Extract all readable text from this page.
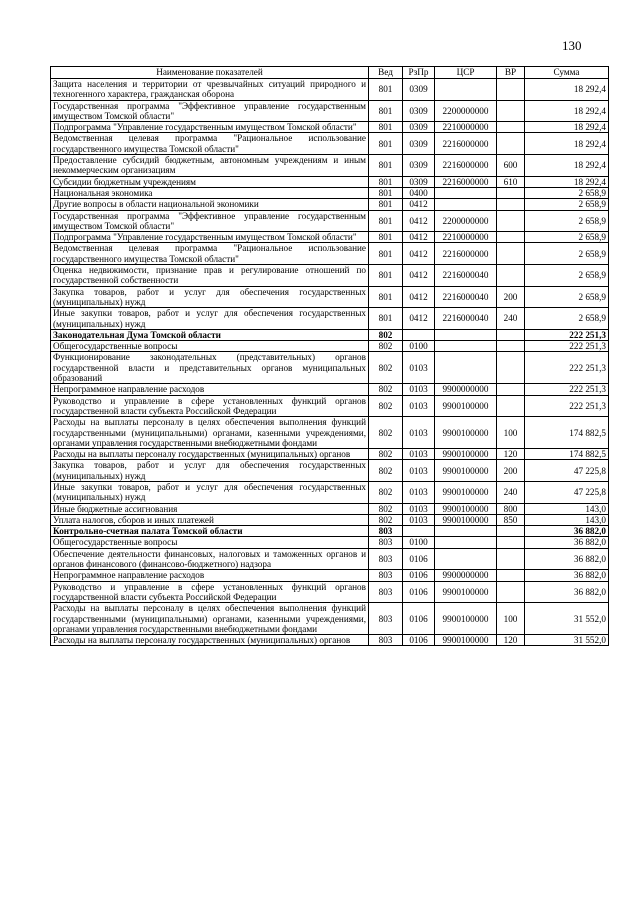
130
Наименование показателей	Вед	РзПр	ЦСР	ВР	Сумма
Защита населения и территории от чрезвычайных ситуаций природного и техногенного характера, гражданская оборона	801	0309			18 292,4
Государственная программа "Эффективное управление государственным имуществом Томской области"	801	0309	2200000000		18 292,4
Подпрограмма "Управление государственным имуществом Томской области"	801	0309	2210000000		18 292,4
Ведомственная целевая программа "Рациональное использование государственного имущества Томской области"	801	0309	2216000000		18 292,4
Предоставление субсидий бюджетным, автономным учреждениям и иным некоммерческим организациям	801	0309	2216000000	600	18 292,4
Субсидии бюджетным учреждениям	801	0309	2216000000	610	18 292,4
Национальная экономика	801	0400			2 658,9
Другие вопросы в области национальной экономики	801	0412			2 658,9
Государственная программа "Эффективное управление государственным имуществом Томской области"	801	0412	2200000000		2 658,9
Подпрограмма "Управление государственным имуществом Томской области"	801	0412	2210000000		2 658,9
Ведомственная целевая программа "Рациональное использование государственного имущества Томской области"	801	0412	2216000000		2 658,9
Оценка недвижимости, признание прав и регулирование отношений по государственной собственности	801	0412	2216000040		2 658,9
Закупка товаров, работ и услуг для обеспечения государственных (муниципальных) нужд	801	0412	2216000040	200	2 658,9
Иные закупки товаров, работ и услуг для обеспечения государственных (муниципальных) нужд	801	0412	2216000040	240	2 658,9
Законодательная Дума Томской области	802				222 251,3
Общегосударственные вопросы	802	0100			222 251,3
Функционирование законодательных (представительных) органов государственной власти и представительных органов муниципальных образований	802	0103			222 251,3
Непрограммное направление расходов	802	0103	9900000000		222 251,3
Руководство и управление в сфере установленных функций органов государственной власти субъекта Российской Федерации	802	0103	9900100000		222 251,3
Расходы на выплаты персоналу в целях обеспечения выполнения функций государственными (муниципальными) органами, казенными учреждениями, органами управления государственными внебюджетными фондами	802	0103	9900100000	100	174 882,5
Расходы на выплаты персоналу государственных (муниципальных) органов	802	0103	9900100000	120	174 882,5
Закупка товаров, работ и услуг для обеспечения государственных (муниципальных) нужд	802	0103	9900100000	200	47 225,8
Иные закупки товаров, работ и услуг для обеспечения государственных (муниципальных) нужд	802	0103	9900100000	240	47 225,8
Иные бюджетные ассигнования	802	0103	9900100000	800	143,0
Уплата налогов, сборов и иных платежей	802	0103	9900100000	850	143,0
Контрольно-счетная палата Томской области	803				36 882,0
Общегосударственные вопросы	803	0100			36 882,0
Обеспечение деятельности финансовых, налоговых и таможенных органов и органов финансового (финансово-бюджетного) надзора	803	0106			36 882,0
Непрограммное направление расходов	803	0106	9900000000		36 882,0
Руководство и управление в сфере установленных функций органов государственной власти субъекта Российской Федерации	803	0106	9900100000		36 882,0
Расходы на выплаты персоналу в целях обеспечения выполнения функций государственными (муниципальными) органами, казенными учреждениями, органами управления государственными внебюджетными фондами	803	0106	9900100000	100	31 552,0
Расходы на выплаты персоналу государственных (муниципальных) органов	803	0106	9900100000	120	31 552,0
